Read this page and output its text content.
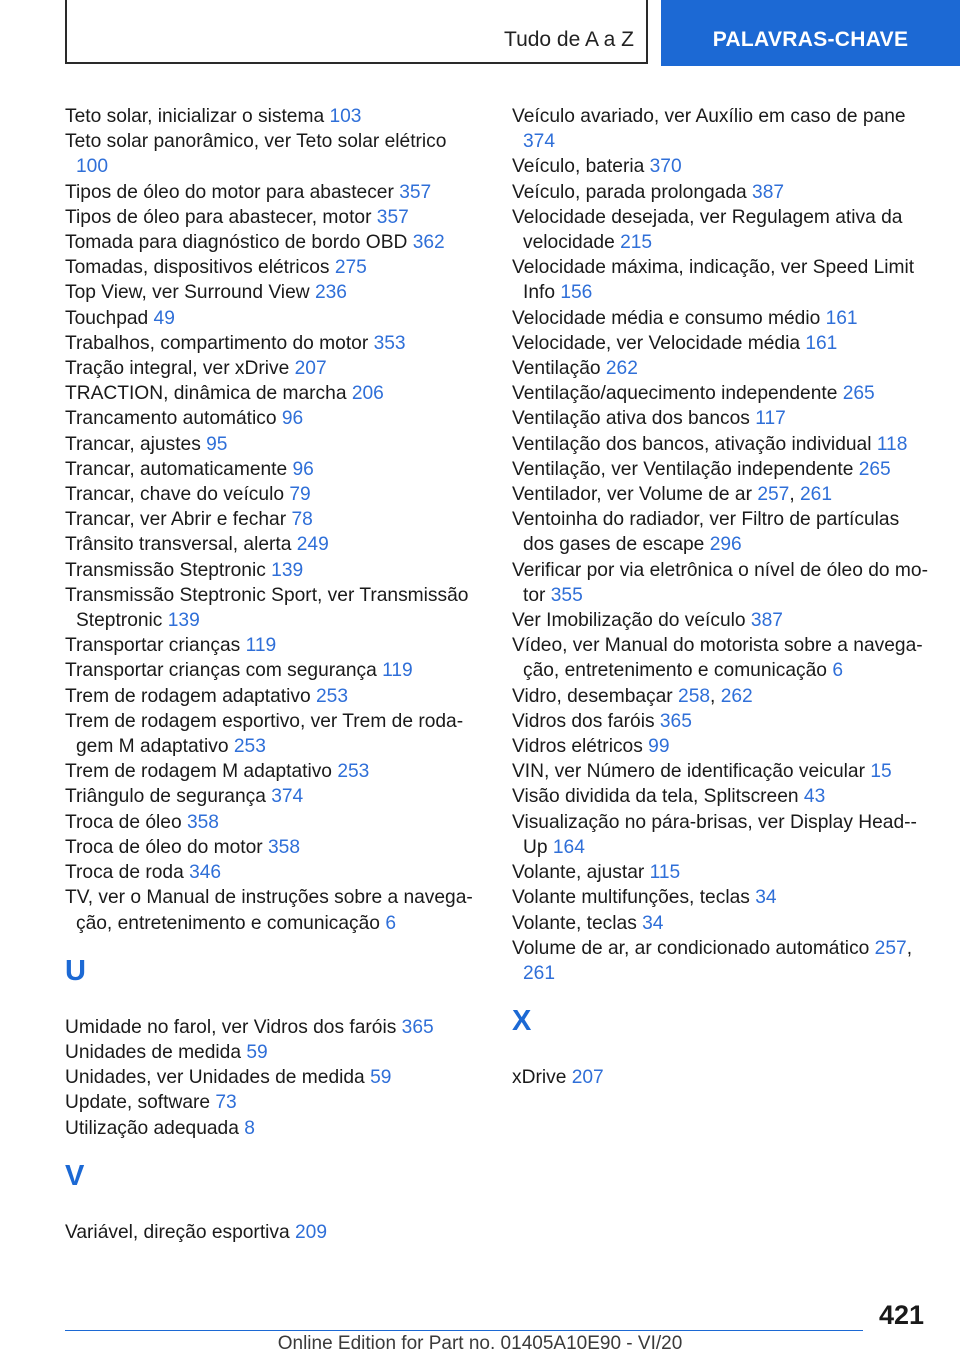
Tudo de A a Z	PALAVRAS-CHAVE
Teto solar, inicializar o sistema 103
Teto solar panorâmico, ver Teto solar elétrico 100
Tipos de óleo do motor para abastecer 357
Tipos de óleo para abastecer, motor 357
Tomada para diagnóstico de bordo OBD 362
Tomadas, dispositivos elétricos 275
Top View, ver Surround View 236
Touchpad 49
Trabalhos, compartimento do motor 353
Tração integral, ver xDrive 207
TRACTION, dinâmica de marcha 206
Trancamento automático 96
Trancar, ajustes 95
Trancar, automaticamente 96
Trancar, chave do veículo 79
Trancar, ver Abrir e fechar 78
Trânsito transversal, alerta 249
Transmissão Steptronic 139
Transmissão Steptronic Sport, ver Transmissão Steptronic 139
Transportar crianças 119
Transportar crianças com segurança 119
Trem de rodagem adaptativo 253
Trem de rodagem esportivo, ver Trem de rodagem M adaptativo 253
Trem de rodagem M adaptativo 253
Triângulo de segurança 374
Troca de óleo 358
Troca de óleo do motor 358
Troca de roda 346
TV, ver o Manual de instruções sobre a navegação, entretenimento e comunicação 6
U
Umidade no farol, ver Vidros dos faróis 365
Unidades de medida 59
Unidades, ver Unidades de medida 59
Update, software 73
Utilização adequada 8
V
Variável, direção esportiva 209
Veículo avariado, ver Auxílio em caso de pane 374
Veículo, bateria 370
Veículo, parada prolongada 387
Velocidade desejada, ver Regulagem ativa da velocidade 215
Velocidade máxima, indicação, ver Speed Limit Info 156
Velocidade média e consumo médio 161
Velocidade, ver Velocidade média 161
Ventilação 262
Ventilação/aquecimento independente 265
Ventilação ativa dos bancos 117
Ventilação dos bancos, ativação individual 118
Ventilação, ver Ventilação independente 265
Ventilador, ver Volume de ar 257, 261
Ventoinha do radiador, ver Filtro de partículas dos gases de escape 296
Verificar por via eletrônica o nível de óleo do motor 355
Ver Imobilização do veículo 387
Vídeo, ver Manual do motorista sobre a navegação, entretenimento e comunicação 6
Vidro, desembaçar 258, 262
Vidros dos faróis 365
Vidros elétricos 99
VIN, ver Número de identificação veicular 15
Visão dividida da tela, Splitscreen 43
Visualização no pára-brisas, ver Display Head-Up 164
Volante, ajustar 115
Volante multifunções, teclas 34
Volante, teclas 34
Volume de ar, ar condicionado automático 257, 261
X
xDrive 207
421
Online Edition for Part no. 01405A10E90 - VI/20
